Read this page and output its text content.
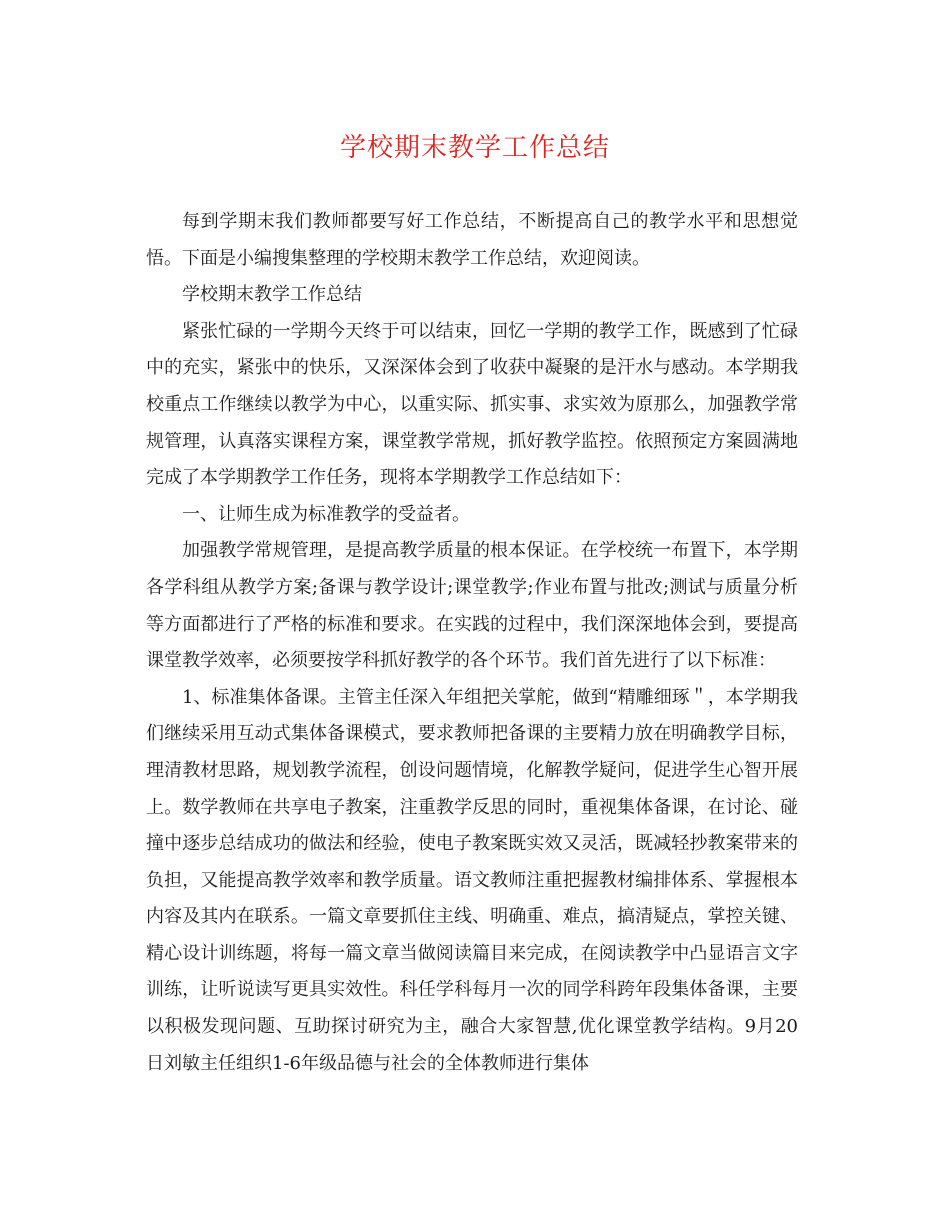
学校期末教学工作总结

每到学期末我们教师都要写好工作总结，不断提高自己的教学水平和思想觉悟。下面是小编搜集整理的学校期末教学工作总结，欢迎阅读。

学校期末教学工作总结

紧张忙碌的一学期今天终于可以结束，回忆一学期的教学工作，既感到了忙碌中的充实，紧张中的快乐，又深深体会到了收获中凝聚的是汗水与感动。本学期我校重点工作继续以教学为中心，以重实际、抓实事、求实效为原那么，加强教学常规管理，认真落实课程方案，课堂教学常规，抓好教学监控。依照预定方案圆满地完成了本学期教学工作任务，现将本学期教学工作总结如下：

一、让师生成为标准教学的受益者。

加强教学常规管理，是提高教学质量的根本保证。在学校统一布置下，本学期各学科组从教学方案;备课与教学设计;课堂教学;作业布置与批改;测试与质量分析等方面都进行了严格的标准和要求。在实践的过程中，我们深深地体会到，要提高课堂教学效率，必须要按学科抓好教学的各个环节。我们首先进行了以下标准：

1、标准集体备课。主管主任深入年组把关掌舵，做到“精雕细琢＂，本学期我们继续采用互动式集体备课模式，要求教师把备课的主要精力放在明确教学目标，理清教材思路，规划教学流程，创设问题情境，化解教学疑问，促进学生心智开展上。数学教师在共享电子教案，注重教学反思的同时，重视集体备课，在讨论、碰撞中逐步总结成功的做法和经验，使电子教案既实效又灵活，既减轻抄教案带来的负担，又能提高教学效率和教学质量。语文教师注重把握教材编排体系、掌握根本内容及其内在联系。一篇文章要抓住主线、明确重、难点，搞清疑点，掌控关键、精心设计训练题，将每一篇文章当做阅读篇目来完成，在阅读教学中凸显语言文字训练，让听说读写更具实效性。科任学科每月一次的同学科跨年段集体备课，主要以积极发现问题、互助探讨研究为主，融合大家智慧,优化课堂教学结构。9月20日刘敏主任组织1-6年级品德与社会的全体教师进行集体
